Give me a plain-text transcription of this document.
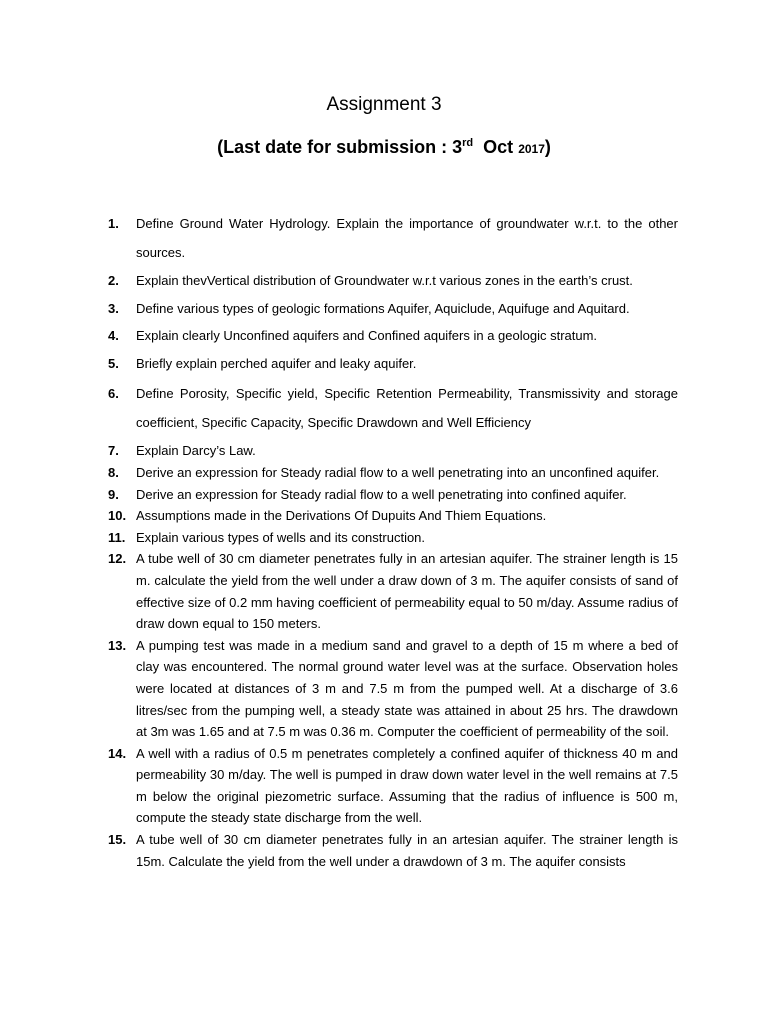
Assignment 3
(Last date for submission : 3rd Oct 2017)
1. Define Ground Water Hydrology. Explain the importance of groundwater w.r.t. to the other sources.
2. Explain thevVertical distribution of Groundwater w.r.t various zones in the earth’s crust.
3. Define various types of geologic formations Aquifer, Aquiclude, Aquifuge and Aquitard.
4. Explain clearly Unconfined aquifers and Confined aquifers in a geologic stratum.
5. Briefly explain perched aquifer and leaky aquifer.
6. Define Porosity, Specific yield, Specific Retention Permeability, Transmissivity and storage coefficient, Specific Capacity, Specific Drawdown and Well Efficiency
7. Explain Darcy’s Law.
8. Derive an expression for Steady radial flow to a well penetrating into an unconfined aquifer.
9. Derive an expression for Steady radial flow to a well penetrating into confined aquifer.
10. Assumptions made in the Derivations Of Dupuits And Thiem Equations.
11. Explain various types of wells and its construction.
12. A tube well of 30 cm diameter penetrates fully in an artesian aquifer. The strainer length is 15 m. calculate the yield from the well under a draw down of 3 m. The aquifer consists of sand of effective size of 0.2 mm having coefficient of permeability equal to 50 m/day. Assume radius of draw down equal to 150 meters.
13. A pumping test was made in a medium sand and gravel to a depth of 15 m where a bed of clay was encountered. The normal ground water level was at the surface. Observation holes were located at distances of 3 m and 7.5 m from the pumped well. At a discharge of 3.6 litres/sec from the pumping well, a steady state was attained in about 25 hrs. The drawdown at 3m was 1.65 and at 7.5 m was 0.36 m. Computer the coefficient of permeability of the soil.
14. A well with a radius of 0.5 m penetrates completely a confined aquifer of thickness 40 m and permeability 30 m/day. The well is pumped in draw down water level in the well remains at 7.5 m below the original piezometric surface. Assuming that the radius of influence is 500 m, compute the steady state discharge from the well.
15. A tube well of 30 cm diameter penetrates fully in an artesian aquifer. The strainer length is 15m. Calculate the yield from the well under a drawdown of 3 m. The aquifer consists
